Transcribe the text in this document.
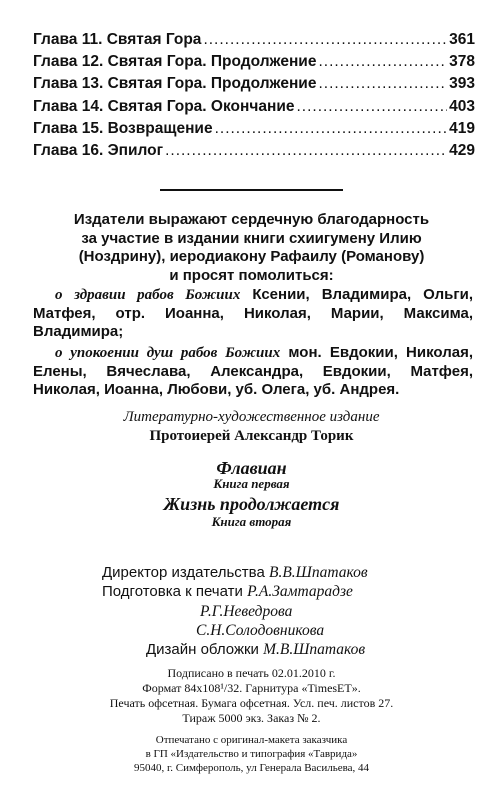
Глава 11. Святая Гора .....	361
Глава 12. Святая Гора. Продолжение .....	378
Глава 13. Святая Гора. Продолжение .....	393
Глава 14. Святая Гора. Окончание .....	403
Глава 15. Возвращение .....	419
Глава 16. Эпилог .....	429
Издатели выражают сердечную благодарность
за участие в издании книги схиигумену Илию
(Ноздрину), иеродиакону Рафаилу (Романову)
и просят помолиться:
о здравии рабов Божиих Ксении, Владимира, Ольги, Матфея, отр. Иоанна, Николая, Марии, Максима, Владимира;
о упокоении душ рабов Божиих мон. Евдокии, Николая, Елены, Вячеслава, Александра, Евдокии, Матфея, Николая, Иоанна, Любови, уб. Олега, уб. Андрея.
Литературно-художественное издание
Протоиерей Александр Торик
Флавиан
Книга первая
Жизнь продолжается
Книга вторая
Директор издательства В.В.Шпатаков
Подготовка к печати Р.А.Замтарадзе
Р.Г.Неведрова
С.Н.Солодовникова
Дизайн обложки М.В.Шпатаков
Подписано в печать 02.01.2010 г.
Формат 84х108¹/32. Гарнитура «TimesET».
Печать офсетная. Бумага офсетная. Усл. печ. листов 27.
Тираж 5000 экз. Заказ № 2.
Отпечатано с оригинал-макета заказчика
в ГП «Издательство и типография «Таврида»
95040, г. Симферополь, ул Генерала Васильева, 44
